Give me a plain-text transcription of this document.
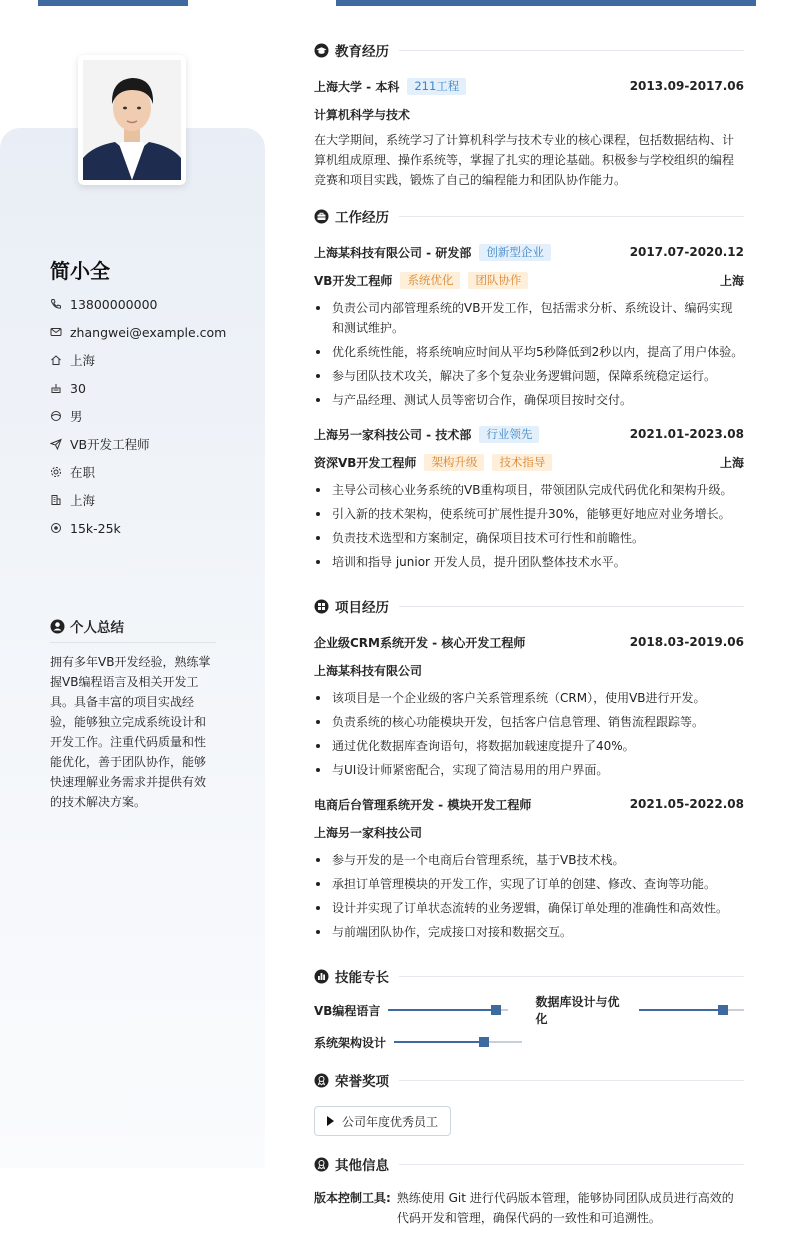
简小全
13800000000
zhangwei@example.com
上海
30
男
VB开发工程师
在职
上海
15k-25k
个人总结
拥有多年VB开发经验，熟练掌握VB编程语言及相关开发工具。具备丰富的项目实战经验，能够独立完成系统设计和开发工作。注重代码质量和性能优化，善于团队协作，能够快速理解业务需求并提供有效的技术解决方案。
教育经历
上海大学 - 本科	211工程	2013.09-2017.06
计算机科学与技术
在大学期间，系统学习了计算机科学与技术专业的核心课程，包括数据结构、计算机组成原理、操作系统等，掌握了扎实的理论基础。积极参与学校组织的编程竞赛和项目实践，锻炼了自己的编程能力和团队协作能力。
工作经历
上海某科技有限公司 - 研发部	创新型企业	2017.07-2020.12
VB开发工程师	系统优化	团队协作	上海
负责公司内部管理系统的VB开发工作，包括需求分析、系统设计、编码实现和测试维护。
优化系统性能，将系统响应时间从平均5秒降低到2秒以内，提高了用户体验。
参与团队技术攻关，解决了多个复杂业务逻辑问题，保障系统稳定运行。
与产品经理、测试人员等密切合作，确保项目按时交付。
上海另一家科技公司 - 技术部	行业领先	2021.01-2023.08
资深VB开发工程师	架构升级	技术指导	上海
主导公司核心业务系统的VB重构项目，带领团队完成代码优化和架构升级。
引入新的技术架构，使系统可扩展性提升30%，能够更好地应对业务增长。
负责技术选型和方案制定，确保项目技术可行性和前瞻性。
培训和指导 junior 开发人员，提升团队整体技术水平。
项目经历
企业级CRM系统开发 - 核心开发工程师	2018.03-2019.06
上海某科技有限公司
该项目是一个企业级的客户关系管理系统（CRM），使用VB进行开发。
负责系统的核心功能模块开发，包括客户信息管理、销售流程跟踪等。
通过优化数据库查询语句，将数据加载速度提升了40%。
与UI设计师紧密配合，实现了简洁易用的用户界面。
电商后台管理系统开发 - 模块开发工程师	2021.05-2022.08
上海另一家科技公司
参与开发的是一个电商后台管理系统，基于VB技术栈。
承担订单管理模块的开发工作，实现了订单的创建、修改、查询等功能。
设计并实现了订单状态流转的业务逻辑，确保订单处理的准确性和高效性。
与前端团队协作，完成接口对接和数据交互。
技能专长
VB编程语言
数据库设计与优化
系统架构设计
荣誉奖项
公司年度优秀员工
其他信息
版本控制工具: 熟练使用 Git 进行代码版本管理，能够协同团队成员进行高效的代码开发和管理，确保代码的一致性和可追溯性。
